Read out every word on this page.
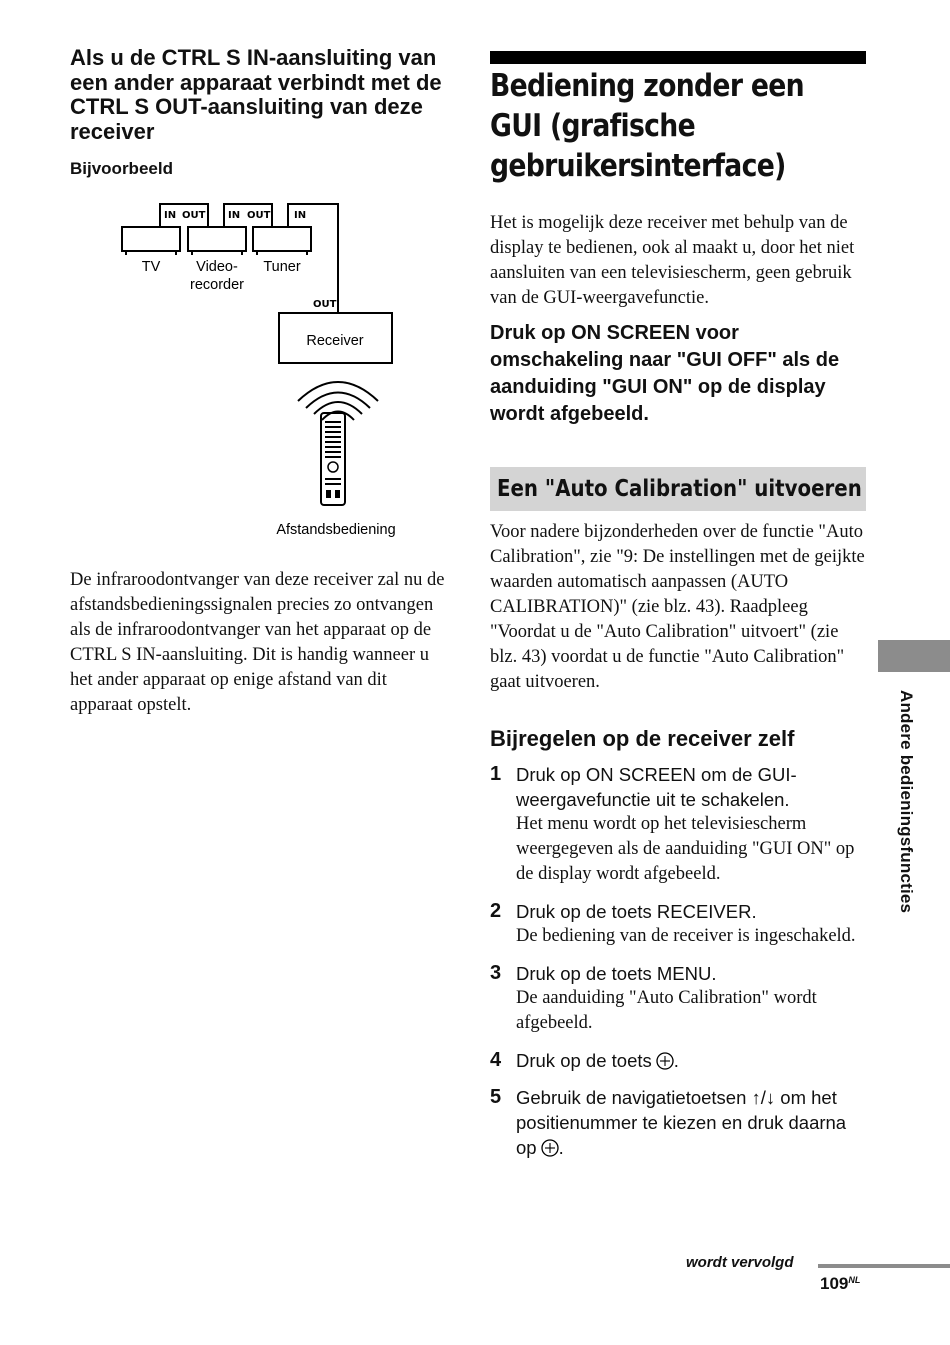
Als u de CTRL S IN-aansluiting van een ander apparaat verbindt met de CTRL S OUT-aansluiting van deze receiver
Bijvoorbeeld
IN OUT IN OUT IN
OUT
TV Video-
recorder
Tuner
Receiver
Afstandsbediening

De infraroodontvanger van deze receiver zal nu de afstandsbedieningssignalen precies zo ontvangen als de infraroodontvanger van het apparaat op de CTRL S IN-aansluiting. Dit is handig wanneer u het ander apparaat op enige afstand van dit apparaat opstelt.

Bediening zonder een
GUI (grafische
gebruikersinterface)

Het is mogelijk deze receiver met behulp van de display te bedienen, ook al maakt u, door het niet aansluiten van een televisiescherm, geen gebruik van de GUI-weergavefunctie.

Druk op ON SCREEN voor omschakeling naar "GUI OFF" als de aanduiding "GUI ON" op de display wordt afgebeeld.

Een "Auto Calibration" uitvoeren

Voor nadere bijzonderheden over de functie "Auto Calibration", zie "9: De instellingen met de geijkte waarden automatisch aanpassen (AUTO CALIBRATION)" (zie blz. 43). Raadpleeg "Voordat u de "Auto Calibration" uitvoert" (zie blz. 43) voordat u de functie "Auto Calibration" gaat uitvoeren.

Bijregelen op de receiver zelf
1 Druk op ON SCREEN om de GUI-weergavefunctie uit te schakelen.
Het menu wordt op het televisiescherm weergegeven als de aanduiding "GUI ON" op de display wordt afgebeeld.
2 Druk op de toets RECEIVER.
De bediening van de receiver is ingeschakeld.
3 Druk op de toets MENU.
De aanduiding "Auto Calibration" wordt afgebeeld.
4 Druk op de toets .
5 Gebruik de navigatietoetsen ↑/↓ om het positienummer te kiezen en druk daarna op .
Andere bedieningsfuncties
wordt vervolgd
$109^{NL}$
